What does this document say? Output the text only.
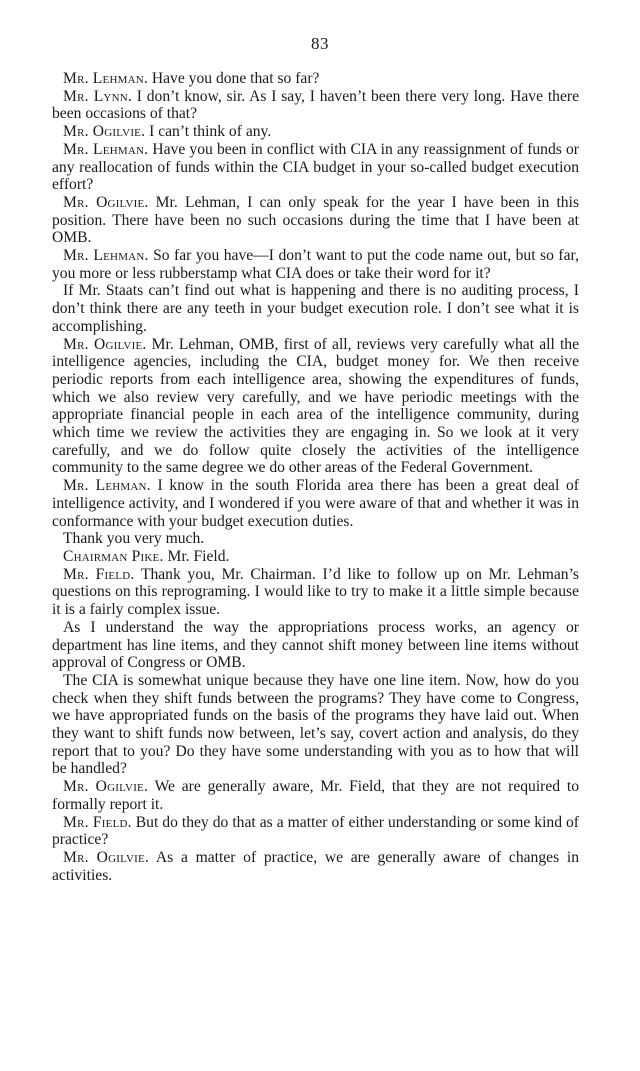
83

Mr. Lehman. Have you done that so far?

Mr. Lynn. I don’t know, sir. As I say, I haven’t been there very long. Have there been occasions of that?

Mr. Ogilvie. I can’t think of any.

Mr. Lehman. Have you been in conflict with CIA in any reassignment of funds or any reallocation of funds within the CIA budget in your so-called budget execution effort?

Mr. Ogilvie. Mr. Lehman, I can only speak for the year I have been in this position. There have been no such occasions during the time that I have been at OMB.

Mr. Lehman. So far you have—I don’t want to put the code name out, but so far, you more or less rubberstamp what CIA does or take their word for it?

If Mr. Staats can’t find out what is happening and there is no auditing process, I don’t think there are any teeth in your budget execution role. I don’t see what it is accomplishing.

Mr. Ogilvie. Mr. Lehman, OMB, first of all, reviews very carefully what all the intelligence agencies, including the CIA, budget money for. We then receive periodic reports from each intelligence area, showing the expenditures of funds, which we also review very carefully, and we have periodic meetings with the appropriate financial people in each area of the intelligence community, during which time we review the activities they are engaging in. So we look at it very carefully, and we do follow quite closely the activities of the intelligence community to the same degree we do other areas of the Federal Government.

Mr. Lehman. I know in the south Florida area there has been a great deal of intelligence activity, and I wondered if you were aware of that and whether it was in conformance with your budget execution duties.

Thank you very much.

Chairman Pike. Mr. Field.

Mr. Field. Thank you, Mr. Chairman. I’d like to follow up on Mr. Lehman’s questions on this reprograming. I would like to try to make it a little simple because it is a fairly complex issue.

As I understand the way the appropriations process works, an agency or department has line items, and they cannot shift money between line items without approval of Congress or OMB.

The CIA is somewhat unique because they have one line item. Now, how do you check when they shift funds between the programs? They have come to Congress, we have appropriated funds on the basis of the programs they have laid out. When they want to shift funds now between, let’s say, covert action and analysis, do they report that to you? Do they have some understanding with you as to how that will be handled?

Mr. Ogilvie. We are generally aware, Mr. Field, that they are not required to formally report it.

Mr. Field. But do they do that as a matter of either understanding or some kind of practice?

Mr. Ogilvie. As a matter of practice, we are generally aware of changes in activities.
